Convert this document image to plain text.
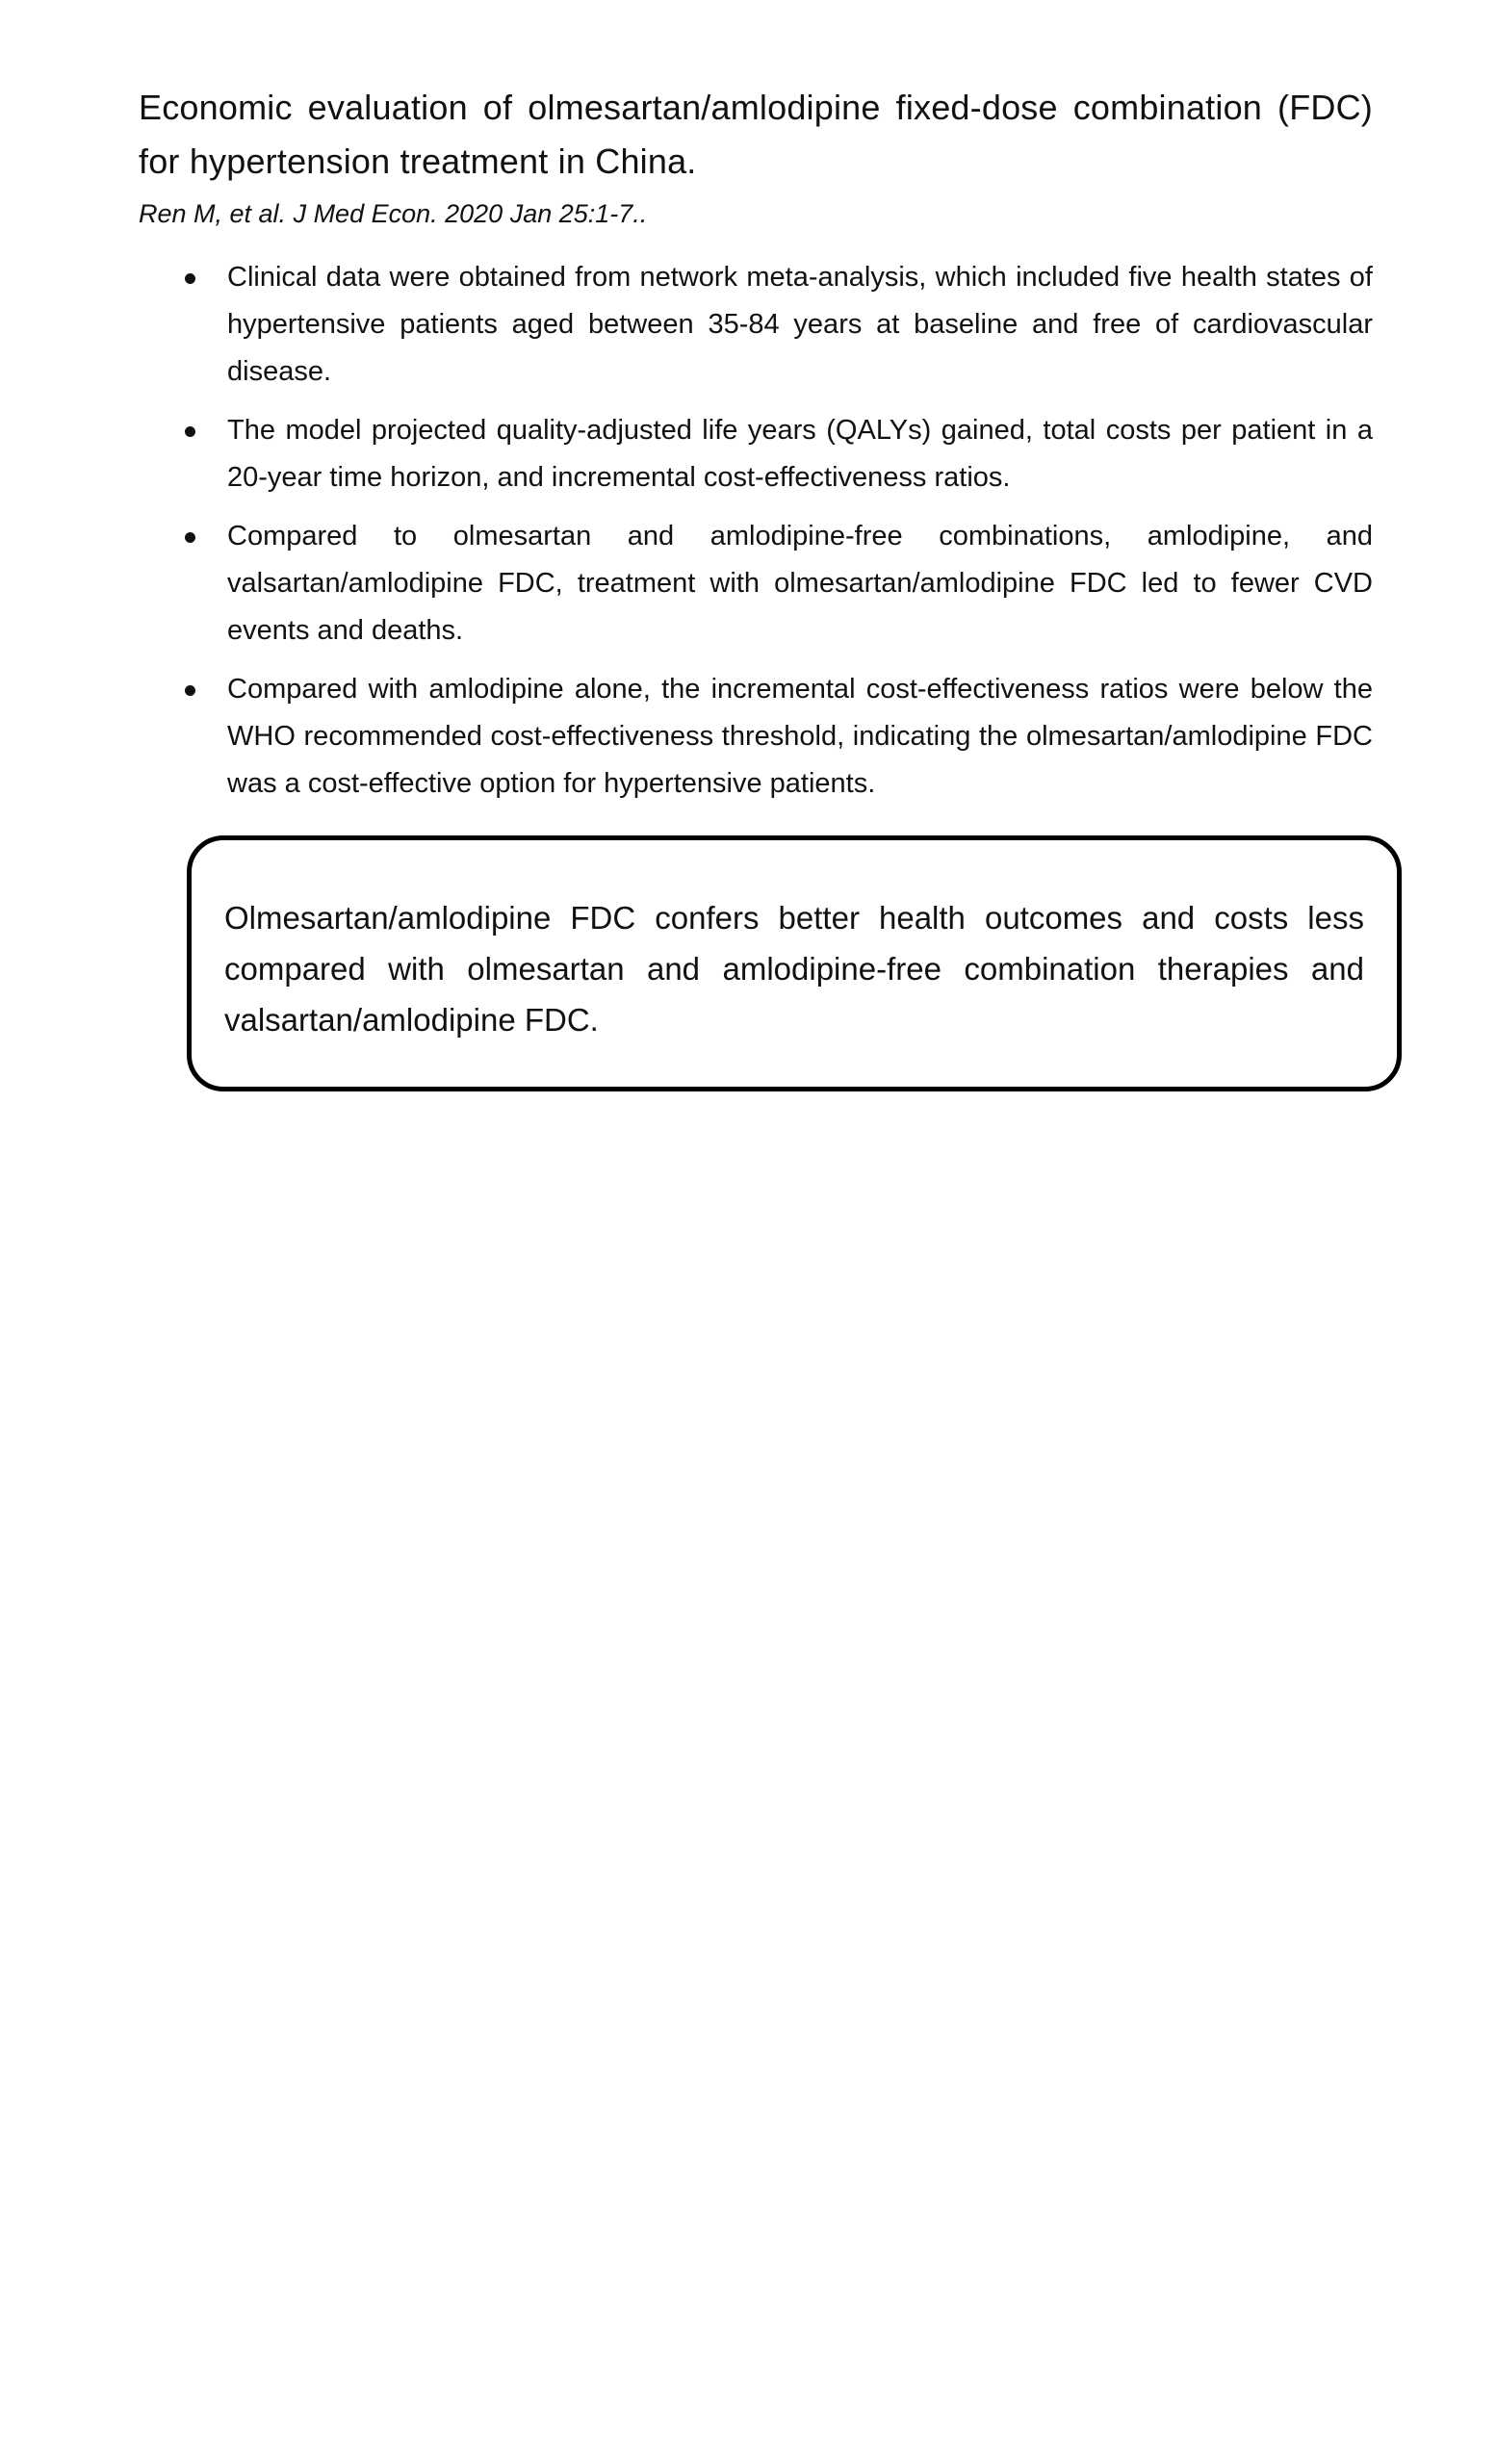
Economic evaluation of olmesartan/amlodipine fixed-dose combination (FDC) for hypertension treatment in China.
Ren M, et al. J Med Econ. 2020 Jan 25:1-7..
Clinical data were obtained from network meta-analysis, which included five health states of hypertensive patients aged between 35-84 years at baseline and free of cardiovascular disease.
The model projected quality-adjusted life years (QALYs) gained, total costs per patient in a 20-year time horizon, and incremental cost-effectiveness ratios.
Compared to olmesartan and amlodipine-free combinations, amlodipine, and valsartan/amlodipine FDC, treatment with olmesartan/amlodipine FDC led to fewer CVD events and deaths.
Compared with amlodipine alone, the incremental cost-effectiveness ratios were below the WHO recommended cost-effectiveness threshold, indicating the olmesartan/amlodipine FDC was a cost-effective option for hypertensive patients.

Olmesartan/amlodipine FDC confers better health outcomes and costs less compared with olmesartan and amlodipine-free combination therapies and valsartan/amlodipine FDC.
